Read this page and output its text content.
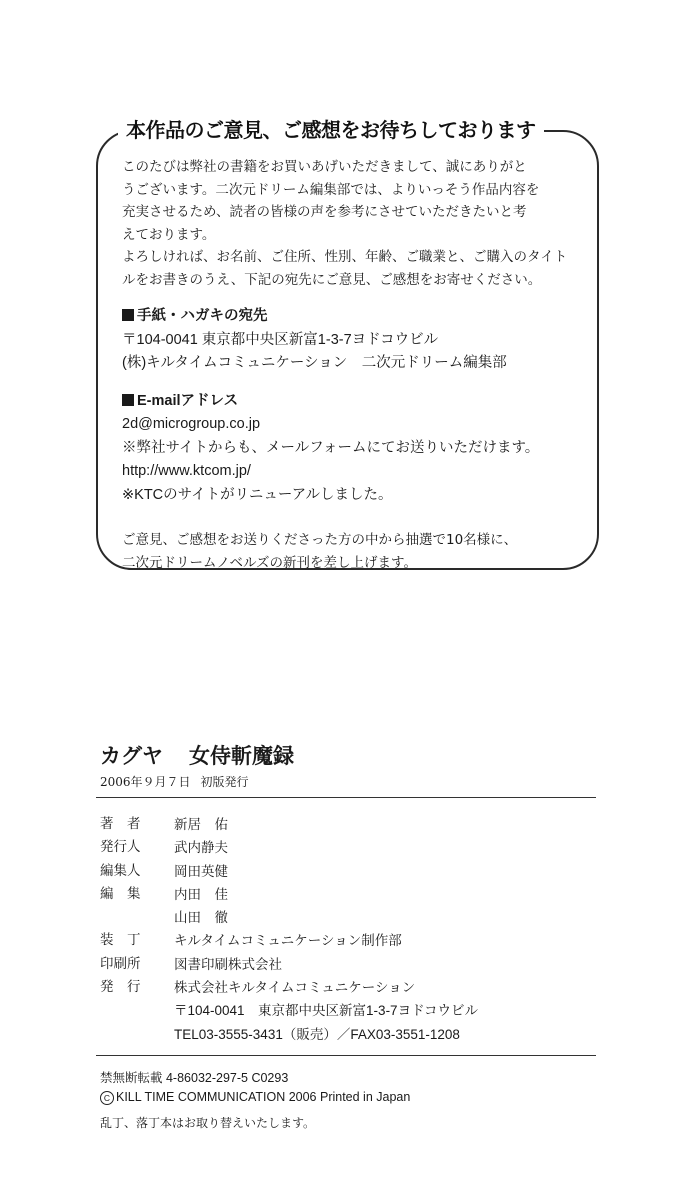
本作品のご意見、ご感想をお待ちしております

このたびは弊社の書籍をお買いあげいただきまして、誠にありがと

うございます。二次元ドリーム編集部では、よりいっそう作品内容を

充実させるため、読者の皆様の声を参考にさせていただきたいと考

えております。

よろしければ、お名前、ご住所、性別、年齢、ご職業と、ご購入のタイト

ルをお書きのうえ、下記の宛先にご意見、ご感想をお寄せください。

手紙・ハガキの宛先
〒104-0041 東京都中央区新富1-3-7ヨドコウビル
(株)キルタイムコミュニケーション　二次元ドリーム編集部
E-mailアドレス
2d@microgroup.co.jp
※弊社サイトからも、メールフォームにてお送りいただけます。
http://www.ktcom.jp/
※KTCのサイトがリニューアルしました。
ご意見、ご感想をお送りくださった方の中から抽選で10名様に、
二次元ドリームノベルズの新刊を差し上げます。
カグヤ 女侍斬魔録
2006年９月７日 初版発行
著　者	新居　佑
発行人	武内静夫
編集人	岡田英健
編　集	内田　佳
山田　徹
装　丁	キルタイムコミュニケーション制作部
印刷所	図書印刷株式会社
発　行	株式会社キルタイムコミュニケーション
〒104-0041　東京都中央区新富1-3-7ヨドコウビル
TEL03-3555-3431（販売）／FAX03-3551-1208
禁無断転載 4-86032-297-5 C0293
C KILL TIME COMMUNICATION 2006 Printed in Japan
乱丁、落丁本はお取り替えいたします。
